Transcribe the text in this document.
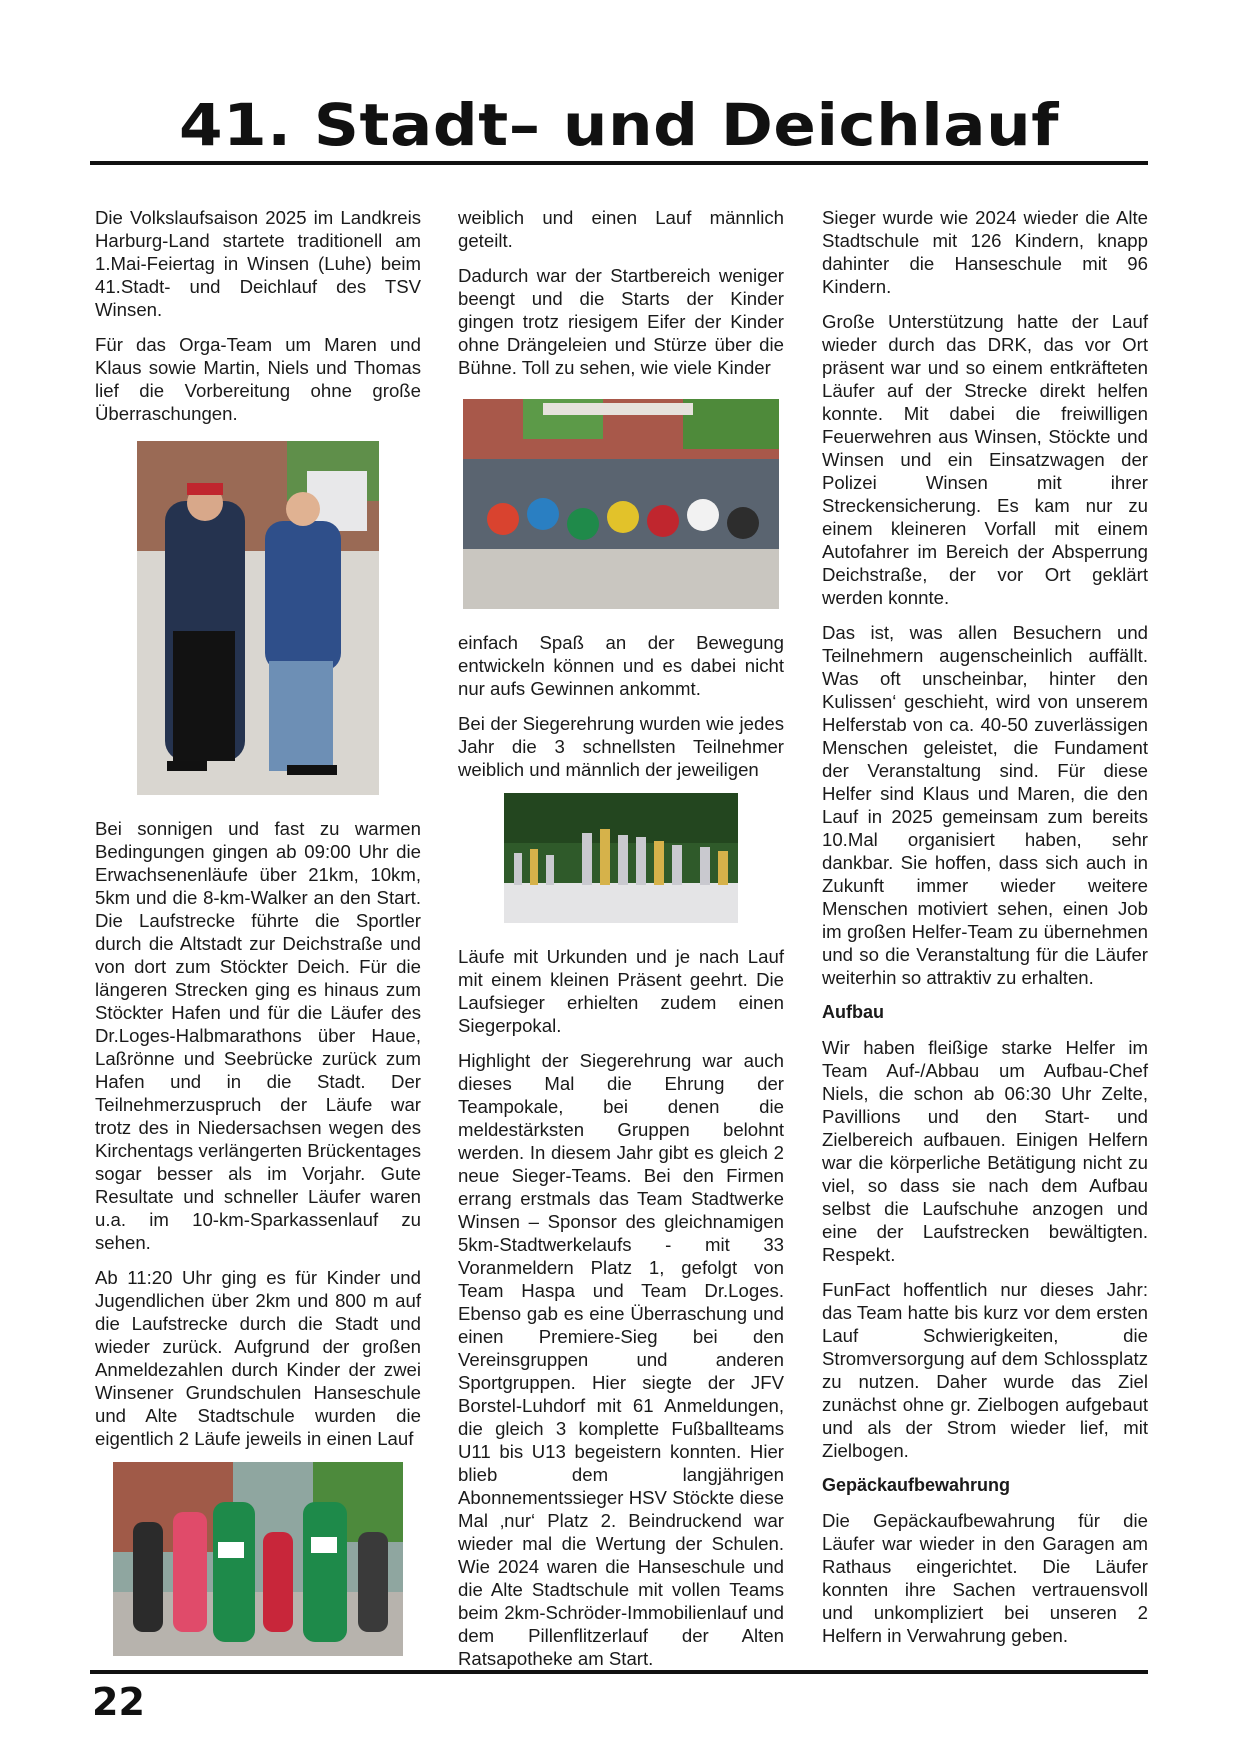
41. Stadt– und Deichlauf

Die Volkslaufsaison 2025 im Landkreis Harburg-Land startete traditionell am 1.Mai-Feiertag in Winsen (Luhe) beim 41.Stadt- und Deichlauf des TSV Winsen.

Für das Orga-Team um Maren und Klaus sowie Martin, Niels und Thomas lief die Vorbereitung ohne große Überraschungen.

Bei sonnigen und fast zu warmen Bedingungen gingen ab 09:00 Uhr die Erwachsenenläufe über 21km, 10km, 5km und die 8-km-Walker an den Start. Die Laufstrecke führte die Sportler durch die Altstadt zur Deichstraße und von dort zum Stöckter Deich. Für die längeren Strecken ging es hinaus zum Stöckter Hafen und für die Läufer des Dr.Loges-Halbmarathons über Haue, Laßrönne und Seebrücke zurück zum Hafen und in die Stadt. Der Teilnehmerzuspruch der Läufe war trotz des in Niedersachsen wegen des Kirchentags verlängerten Brückentages sogar besser als im Vorjahr. Gute Resultate und schneller Läufer waren u.a. im 10-km-Sparkassenlauf zu sehen.

Ab 11:20 Uhr ging es für Kinder und Jugendlichen über 2km und 800 m auf die Laufstrecke durch die Stadt und wieder zurück. Aufgrund der großen Anmeldezahlen durch Kinder der zwei Winsener Grundschulen Hanseschule und Alte Stadtschule wurden die eigentlich 2 Läufe jeweils in einen Lauf

weiblich und einen Lauf männlich geteilt.

Dadurch war der Startbereich weniger beengt und die Starts der Kinder gingen trotz riesigem Eifer der Kinder ohne Drängeleien und Stürze über die Bühne. Toll zu sehen, wie viele Kinder

einfach Spaß an der Bewegung entwickeln können und es dabei nicht nur aufs Gewinnen ankommt.

Bei der Siegerehrung wurden wie jedes Jahr die 3 schnellsten Teilnehmer weiblich und männlich der jeweiligen

Läufe mit Urkunden und je nach Lauf mit einem kleinen Präsent geehrt. Die Laufsieger erhielten zudem einen Siegerpokal.

Highlight der Siegerehrung war auch dieses Mal die Ehrung der Teampokale, bei denen die meldestärksten Gruppen belohnt werden. In diesem Jahr gibt es gleich 2 neue Sieger-Teams. Bei den Firmen errang erstmals das Team Stadtwerke Winsen – Sponsor des gleichnamigen 5km-Stadtwerkelaufs - mit 33 Voranmeldern Platz 1, gefolgt von Team Haspa und Team Dr.Loges. Ebenso gab es eine Überraschung und einen Premiere-Sieg bei den Vereinsgruppen und anderen Sportgruppen. Hier siegte der JFV Borstel-Luhdorf mit 61 Anmeldungen, die gleich 3 komplette Fußballteams U11 bis U13 begeistern konnten. Hier blieb dem langjährigen Abonnementssieger HSV Stöckte diese Mal ‚nur‘ Platz 2. Beindruckend war wieder mal die Wertung der Schulen. Wie 2024 waren die Hanseschule und die Alte Stadtschule mit vollen Teams beim 2km-Schröder-Immobilienlauf und dem Pillenflitzerlauf der Alten Ratsapotheke am Start.

Sieger wurde wie 2024 wieder die Alte Stadtschule mit 126 Kindern, knapp dahinter die Hanseschule mit 96 Kindern.

Große Unterstützung hatte der Lauf wieder durch das DRK, das vor Ort präsent war und so einem entkräfteten Läufer auf der Strecke direkt helfen konnte. Mit dabei die freiwilligen Feuerwehren aus Winsen, Stöckte und Winsen und ein Einsatzwagen der Polizei Winsen mit ihrer Streckensicherung. Es kam nur zu einem kleineren Vorfall mit einem Autofahrer im Bereich der Absperrung Deichstraße, der vor Ort geklärt werden konnte.

Das ist, was allen Besuchern und Teilnehmern augenscheinlich auffällt. Was oft unscheinbar, hinter den Kulissen‘ geschieht, wird von unserem Helferstab von ca. 40-50 zuverlässigen Menschen geleistet, die Fundament der Veranstaltung sind. Für diese Helfer sind Klaus und Maren, die den Lauf in 2025 gemeinsam zum bereits 10.Mal organisiert haben, sehr dankbar. Sie hoffen, dass sich auch in Zukunft immer wieder weitere Menschen motiviert sehen, einen Job im großen Helfer-Team zu übernehmen und so die Veranstaltung für die Läufer weiterhin so attraktiv zu erhalten.

Aufbau

Wir haben fleißige starke Helfer im Team Auf-/Abbau um Aufbau-Chef Niels, die schon ab 06:30 Uhr Zelte, Pavillions und den Start- und Zielbereich aufbauen. Einigen Helfern war die körperliche Betätigung nicht zu viel, so dass sie nach dem Aufbau selbst die Laufschuhe anzogen und eine der Laufstrecken bewältigten. Respekt.

FunFact hoffentlich nur dieses Jahr: das Team hatte bis kurz vor dem ersten Lauf Schwierigkeiten, die Stromversorgung auf dem Schlossplatz zu nutzen. Daher wurde das Ziel zunächst ohne gr. Zielbogen aufgebaut und als der Strom wieder lief, mit Zielbogen.

Gepäckaufbewahrung

Die Gepäckaufbewahrung für die Läufer war wieder in den Garagen am Rathaus eingerichtet. Die Läufer konnten ihre Sachen vertrauensvoll und unkompliziert bei unseren 2 Helfern in Verwahrung geben.

22
